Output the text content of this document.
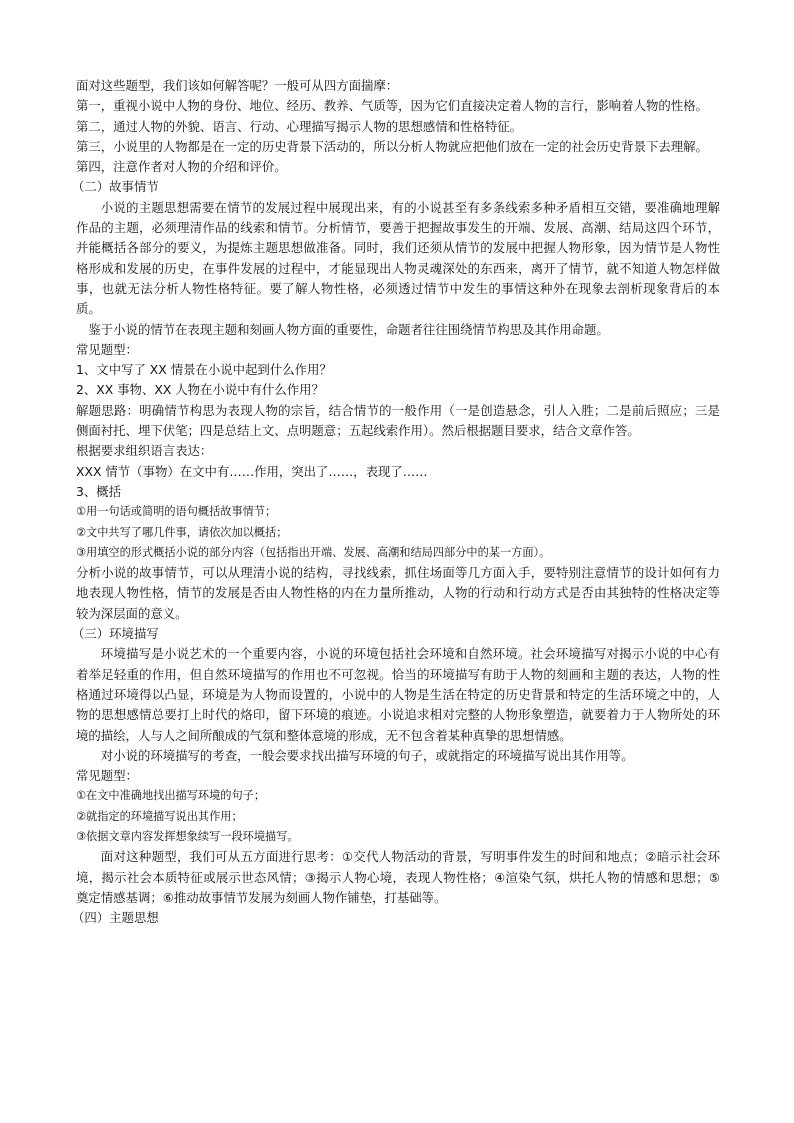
面对这些题型，我们该如何解答呢？一般可从四方面揣摩：

第一，重视小说中人物的身份、地位、经历、教养、气质等，因为它们直接决定着人物的言行，影响着人物的性格。

第二，通过人物的外貌、语言、行动、心理描写揭示人物的思想感情和性格特征。

第三，小说里的人物都是在一定的历史背景下活动的，所以分析人物就应把他们放在一定的社会历史背景下去理解。

第四，注意作者对人物的介绍和评价。

（二）故事情节

小说的主题思想需要在情节的发展过程中展现出来，有的小说甚至有多条线索多种矛盾相互交错，要准确地理解作品的主题，必须理清作品的线索和情节。分析情节，要善于把握故事发生的开端、发展、高潮、结局这四个环节，并能概括各部分的要义，为提炼主题思想做准备。同时，我们还须从情节的发展中把握人物形象，因为情节是人物性格形成和发展的历史，在事件发展的过程中，才能显现出人物灵魂深处的东西来，离开了情节，就不知道人物怎样做事，也就无法分析人物性格特征。要了解人物性格，必须透过情节中发生的事情这种外在现象去剖析现象背后的本质。

鉴于小说的情节在表现主题和刻画人物方面的重要性，命题者往往围绕情节构思及其作用命题。

常见题型：

1、文中写了 XX 情景在小说中起到什么作用？

2、XX 事物、XX 人物在小说中有什么作用？

解题思路：明确情节构思为表现人物的宗旨，结合情节的一般作用（一是创造悬念，引人入胜；二是前后照应；三是侧面衬托、埋下伏笔；四是总结上文、点明题意；五起线索作用）。然后根据题目要求，结合文章作答。

根据要求组织语言表达：

XXX 情节（事物）在文中有……作用，突出了……，表现了……

3、概括

①用一句话或简明的语句概括故事情节；

②文中共写了哪几件事，请依次加以概括；

③用填空的形式概括小说的部分内容（包括指出开端、发展、高潮和结局四部分中的某一方面）。

分析小说的故事情节，可以从理清小说的结构，寻找线索，抓住场面等几方面入手，要特别注意情节的设计如何有力地表现人物性格，情节的发展是否由人物性格的内在力量所推动，人物的行动和行动方式是否由其独特的性格决定等较为深层面的意义。

（三）环境描写

环境描写是小说艺术的一个重要内容，小说的环境包括社会环境和自然环境。社会环境描写对揭示小说的中心有着举足轻重的作用，但自然环境描写的作用也不可忽视。恰当的环境描写有助于人物的刻画和主题的表达，人物的性格通过环境得以凸显，环境是为人物而设置的，小说中的人物是生活在特定的历史背景和特定的生活环境之中的，人物的思想感情总要打上时代的烙印，留下环境的痕迹。小说追求相对完整的人物形象塑造，就要着力于人物所处的环境的描绘，人与人之间所酿成的气氛和整体意境的形成，无不包含着某种真挚的思想情感。

对小说的环境描写的考查，一般会要求找出描写环境的句子，或就指定的环境描写说出其作用等。

常见题型：

①在文中准确地找出描写环境的句子；

②就指定的环境描写说出其作用；

③依据文章内容发挥想象续写一段环境描写。

面对这种题型，我们可从五方面进行思考：①交代人物活动的背景，写明事件发生的时间和地点；②暗示社会环境，揭示社会本质特征或展示世态风情；③揭示人物心境，表现人物性格；④渲染气氛，烘托人物的情感和思想；⑤ 奠定情感基调；⑥推动故事情节发展为刻画人物作铺垫，打基础等。

（四）主题思想
